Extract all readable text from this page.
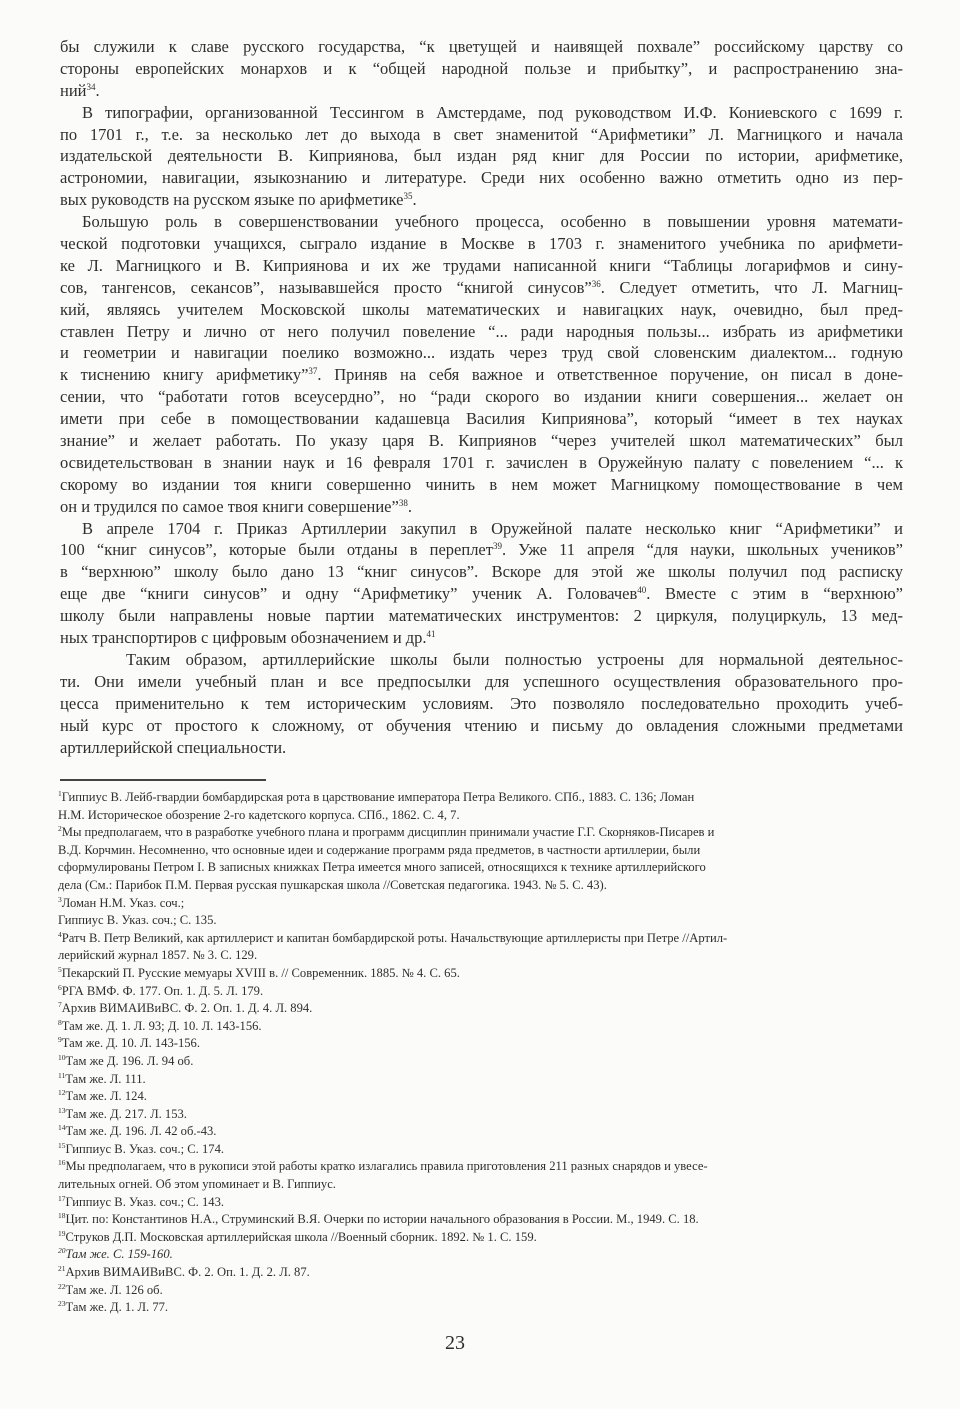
бы служили к славе русского государства, “к цветущей и наивящей похвале” российскому царству со
стороны европейских монархов и к “общей народной пользе и прибытку”, и распространению зна-
ний$^{34}$.
В типографии, организованной Тессингом в Амстердаме, под руководством И.Ф. Кониевского с 1699 г.
по 1701 г., т.е. за несколько лет до выхода в свет знаменитой “Арифметики” Л. Магницкого и начала
издательской деятельности В. Киприянова, был издан ряд книг для России по истории, арифметике,
астрономии, навигации, языкознанию и литературе. Среди них особенно важно отметить одно из пер-
вых руководств на русском языке по арифметике$^{35}$.
Большую роль в совершенствовании учебного процесса, особенно в повышении уровня математи-
ческой подготовки учащихся, сыграло издание в Москве в 1703 г. знаменитого учебника по арифмети-
ке Л. Магницкого и В. Киприянова и их же трудами написанной книги “Таблицы логарифмов и сину-
сов, тангенсов, секансов”, называвшейся просто “книгой синусов”$^{36}$. Следует отметить, что Л. Магниц-
кий, являясь учителем Московской школы математических и навигацких наук, очевидно, был пред-
ставлен Петру и лично от него получил повеление “... ради народныя пользы... избрать из арифметики
и геометрии и навигации поелико возможно... издать через труд свой словенским диалектом... годную
к тиснению книгу арифметику”$^{37}$. Приняв на себя важное и ответственное поручение, он писал в доне-
сении, что “работати готов всеусердно”, но “ради скорого во издании книги совершения... желает он
имети при себе в помоществовании кадашевца Василия Киприянова”, который “имеет в тех науках
знание” и желает работать. По указу царя В. Киприянов “через учителей школ математических” был
освидетельствован в знании наук и 16 февраля 1701 г. зачислен в Оружейную палату с повелением “... к
скорому во издании тоя книги совершенно чинить в нем может Магницкому помоществование в чем
он и трудился по самое твоя книги совершение”$^{38}$.
В апреле 1704 г. Приказ Артиллерии закупил в Оружейной палате несколько книг “Арифметики” и
100 “книг синусов”, которые были отданы в переплет$^{39}$. Уже 11 апреля “для науки, школьных учеников”
в “верхнюю” школу было дано 13 “книг синусов”. Вскоре для этой же школы получил под расписку
еще две “книги синусов” и одну “Арифметику” ученик А. Головачев$^{40}$. Вместе с этим в “верхнюю”
школу были направлены новые партии математических инструментов: 2 циркуля, полуциркуль, 13 мед-
ных транспортиров с цифровым обозначением и др.$^{41}$
Таким образом, артиллерийские школы были полностью устроены для нормальной деятельнос-
ти. Они имели учебный план и все предпосылки для успешного осуществления образовательного про-
цесса применительно к тем историческим условиям. Это позволяло последовательно проходить учеб-
ный курс от простого к сложному, от обучения чтению и письму до овладения сложными предметами
артиллерийской специальности.
$^1$Гиппиус В. Лейб-гвардии бомбардирская рота в царствование императора Петра Великого. СПб., 1883. С. 136; Ломан
Н.М. Историческое обозрение 2-го кадетского корпуса. СПб., 1862. С. 4, 7.
$^2$Мы предполагаем, что в разработке учебного плана и программ дисциплин принимали участие Г.Г. Скорняков-Писарев и
В.Д. Корчмин. Несомненно, что основные идеи и содержание программ ряда предметов, в частности артиллерии, были
сформулированы Петром I. В записных книжках Петра имеется много записей, относящихся к технике артиллерийского
дела (См.: Парибок П.М. Первая русская пушкарская школа //Советская педагогика. 1943. № 5. С. 43).
$^3$Ломан Н.М. Указ. соч.;
Гиппиус В. Указ. соч.; С. 135.
$^4$Ратч В. Петр Великий, как артиллерист и капитан бомбардирской роты. Начальствующие артиллеристы при Петре //Артил-
лерийский журнал 1857. № 3. С. 129.
$^5$Пекарский П. Русские мемуары XVIII в. // Современник. 1885. № 4. С. 65.
$^6$РГА ВМФ. Ф. 177. Оп. 1. Д. 5. Л. 179.
$^7$Архив ВИМАИВиВС. Ф. 2. Оп. 1. Д. 4. Л. 894.
$^8$Там же. Д. 1. Л. 93; Д. 10. Л. 143-156.
$^9$Там же. Д. 10. Л. 143-156.
$^{10}$Там же Д. 196. Л. 94 об.
$^{11}$Там же. Л. 111.
$^{12}$Там же. Л. 124.
$^{13}$Там же. Д. 217. Л. 153.
$^{14}$Там же. Д. 196. Л. 42 об.-43.
$^{15}$Гиппиус В. Указ. соч.; С. 174.
$^{16}$Мы предполагаем, что в рукописи этой работы кратко излагались правила приготовления 211 разных снарядов и увесе-
лительных огней. Об этом упоминает и В. Гиппиус.
$^{17}$Гиппиус В. Указ. соч.; С. 143.
$^{18}$Цит. по: Константинов Н.А., Струминский В.Я. Очерки по истории начального образования в России. М., 1949. С. 18.
$^{19}$Струков Д.П. Московская артиллерийская школа //Военный сборник. 1892. № 1. С. 159.
$^{20}$Там же. С. 159-160.
$^{21}$Архив ВИМАИВиВС. Ф. 2. Оп. 1. Д. 2. Л. 87.
$^{22}$Там же. Л. 126 об.
$^{23}$Там же. Д. 1. Л. 77.
23
